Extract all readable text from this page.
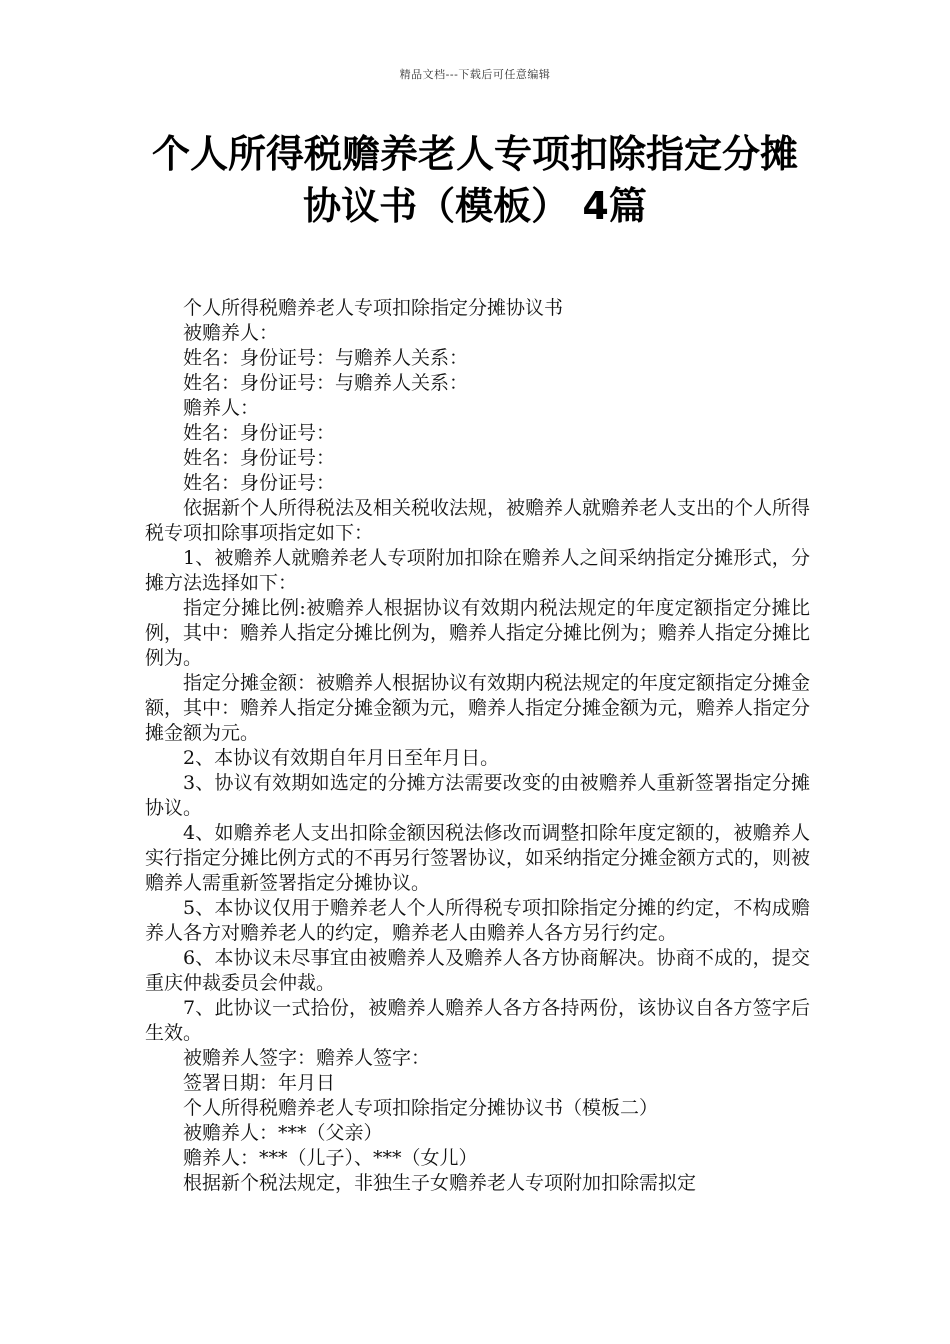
精品文档---下载后可任意编辑
个人所得税赡养老人专项扣除指定分摊
协议书（模板） 4篇

个人所得税赡养老人专项扣除指定分摊协议书

被赡养人：

姓名：身份证号：与赡养人关系：

姓名：身份证号：与赡养人关系：

赡养人：

姓名：身份证号：

姓名：身份证号：

姓名：身份证号：

依据新个人所得税法及相关税收法规，被赡养人就赡养老人支出的个人所得税专项扣除事项指定如下：

1、被赡养人就赡养老人专项附加扣除在赡养人之间采纳指定分摊形式，分摊方法选择如下：

指定分摊比例:被赡养人根据协议有效期内税法规定的年度定额指定分摊比例，其中：赡养人指定分摊比例为，赡养人指定分摊比例为；赡养人指定分摊比例为。

指定分摊金额：被赡养人根据协议有效期内税法规定的年度定额指定分摊金额，其中：赡养人指定分摊金额为元，赡养人指定分摊金额为元，赡养人指定分摊金额为元。

2、本协议有效期自年月日至年月日。

3、协议有效期如选定的分摊方法需要改变的由被赡养人重新签署指定分摊协议。

4、如赡养老人支出扣除金额因税法修改而调整扣除年度定额的，被赡养人实行指定分摊比例方式的不再另行签署协议，如采纳指定分摊金额方式的，则被赡养人需重新签署指定分摊协议。

5、本协议仅用于赡养老人个人所得税专项扣除指定分摊的约定，不构成赡养人各方对赡养老人的约定，赡养老人由赡养人各方另行约定。

6、本协议未尽事宜由被赡养人及赡养人各方协商解决。协商不成的，提交重庆仲裁委员会仲裁。

7、此协议一式拾份，被赡养人赡养人各方各持两份，该协议自各方签字后生效。

被赡养人签字：赡养人签字：

签署日期：年月日

个人所得税赡养老人专项扣除指定分摊协议书（模板二）

被赡养人：***（父亲）

赡养人：***（儿子）、***（女儿）

根据新个税法规定，非独生子女赡养老人专项附加扣除需拟定
